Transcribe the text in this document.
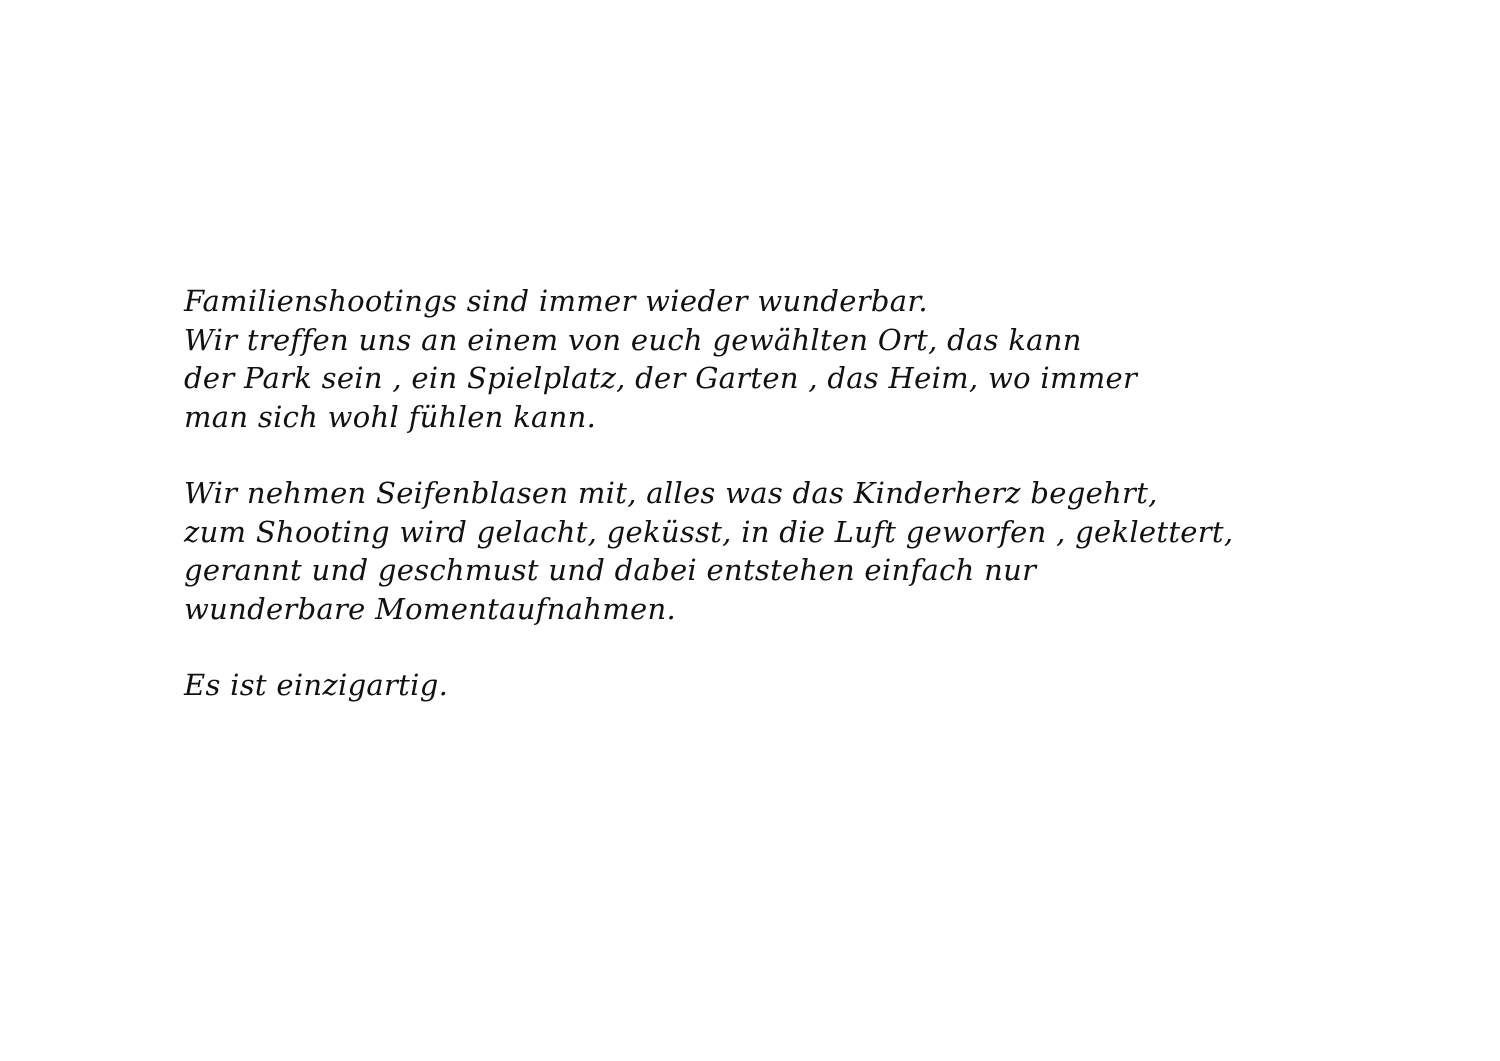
Familienshootings sind immer wieder wunderbar.
Wir treffen uns an einem von euch gewählten Ort, das kann
der Park sein , ein Spielplatz, der Garten , das Heim, wo immer
man sich wohl fühlen kann.

Wir nehmen Seifenblasen mit, alles was das Kinderherz begehrt,
zum Shooting wird gelacht, geküsst, in die Luft geworfen , geklettert,
gerannt und geschmust und dabei entstehen einfach nur
wunderbare Momentaufnahmen.

Es ist einzigartig.
